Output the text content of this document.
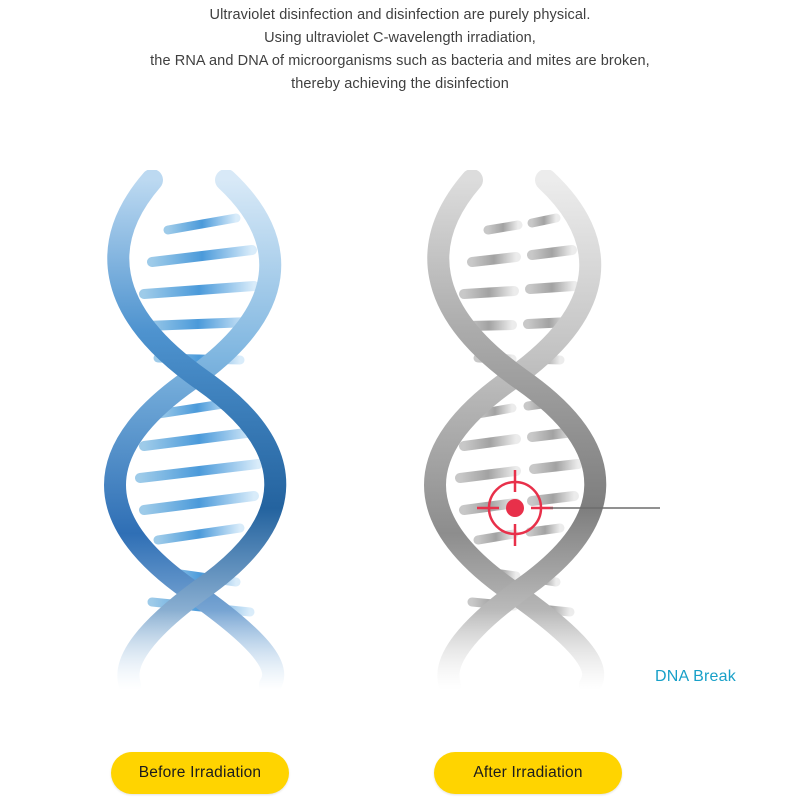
Ultraviolet disinfection and disinfection are purely physical.
Using ultraviolet C-wavelength irradiation,
the RNA and DNA of microorganisms such as bacteria and mites are broken,
thereby achieving the disinfection
DNA Break
Before Irradiation	After Irradiation
